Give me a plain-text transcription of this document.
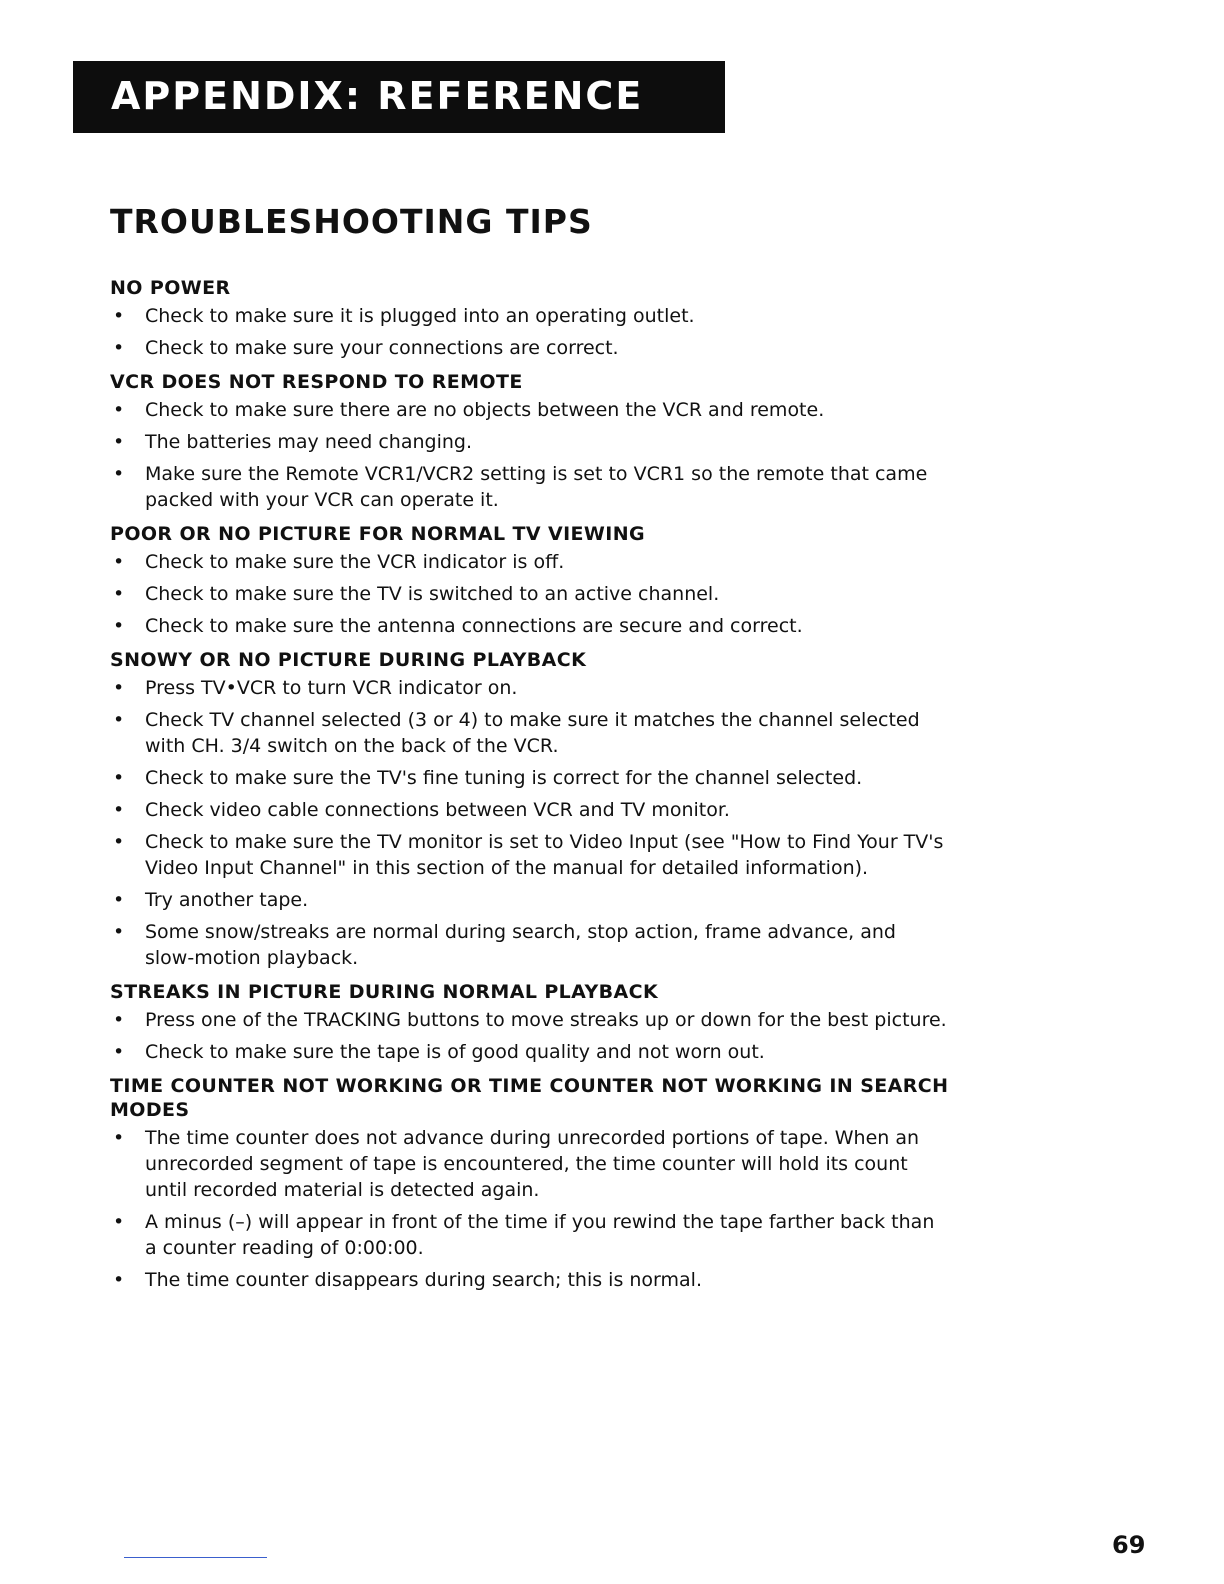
APPENDIX: REFERENCE
TROUBLESHOOTING TIPS
NO POWER
• Check to make sure it is plugged into an operating outlet.
• Check to make sure your connections are correct.
VCR DOES NOT RESPOND TO REMOTE
• Check to make sure there are no objects between the VCR and remote.
• The batteries may need changing.
• Make sure the Remote VCR1/VCR2 setting is set to VCR1 so the remote that came packed with your VCR can operate it.
POOR OR NO PICTURE FOR NORMAL TV VIEWING
• Check to make sure the VCR indicator is off.
• Check to make sure the TV is switched to an active channel.
• Check to make sure the antenna connections are secure and correct.
SNOWY OR NO PICTURE DURING PLAYBACK
• Press TV•VCR to turn VCR indicator on.
• Check TV channel selected (3 or 4) to make sure it matches the channel selected with CH. 3/4 switch on the back of the VCR.
• Check to make sure the TV's fine tuning is correct for the channel selected.
• Check video cable connections between VCR and TV monitor.
• Check to make sure the TV monitor is set to Video Input (see "How to Find Your TV's Video Input Channel" in this section of the manual for detailed information).
• Try another tape.
• Some snow/streaks are normal during search, stop action, frame advance, and slow-motion playback.
STREAKS IN PICTURE DURING NORMAL PLAYBACK
• Press one of the TRACKING buttons to move streaks up or down for the best picture.
• Check to make sure the tape is of good quality and not worn out.
TIME COUNTER NOT WORKING OR TIME COUNTER NOT WORKING IN SEARCH MODES
• The time counter does not advance during unrecorded portions of tape. When an unrecorded segment of tape is encountered, the time counter will hold its count until recorded material is detected again.
• A minus (–) will appear in front of the time if you rewind the tape farther back than a counter reading of 0:00:00.
• The time counter disappears during search; this is normal.
69
